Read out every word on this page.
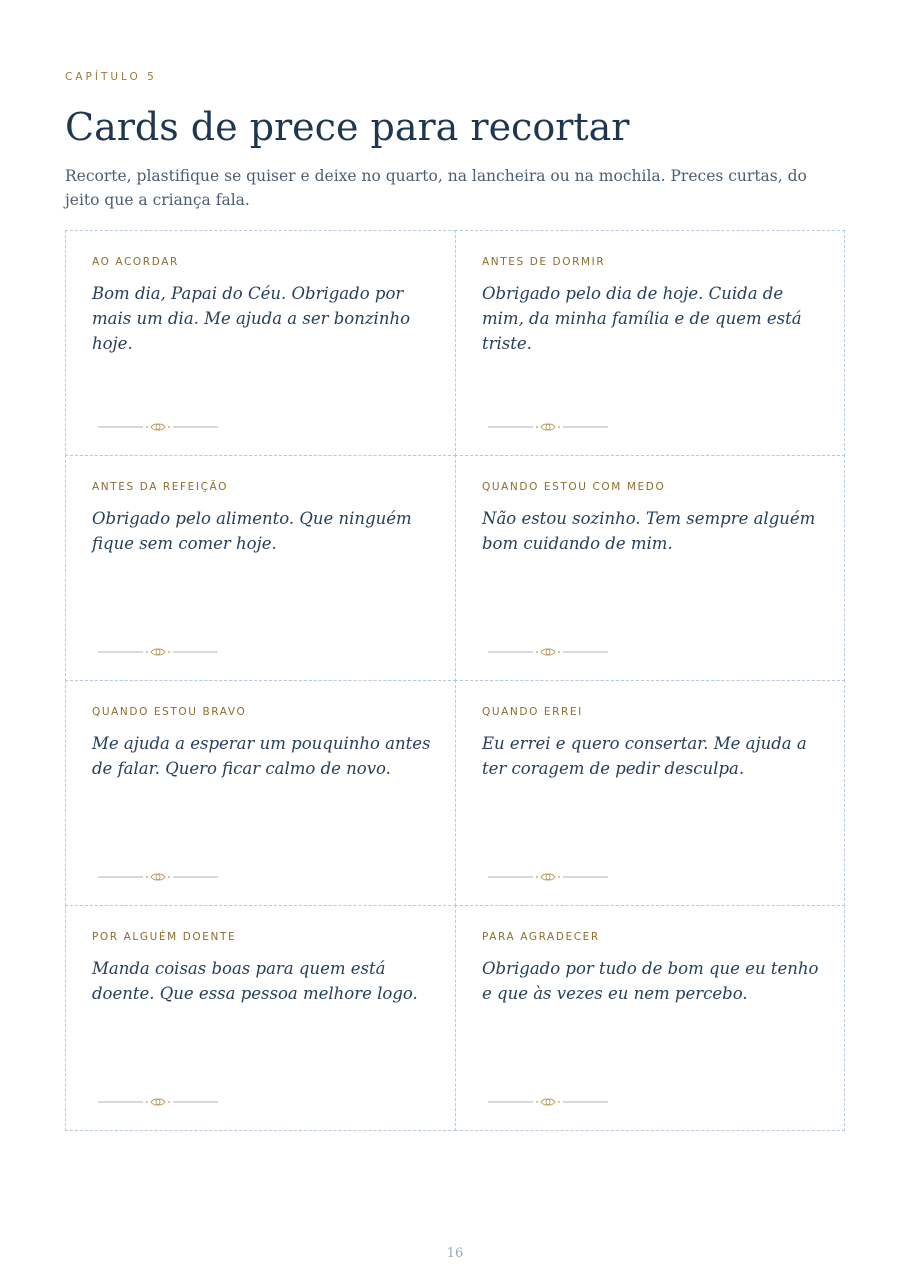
CAPÍTULO 5
Cards de prece para recortar

Recorte, plastifique se quiser e deixe no quarto, na lancheira ou na mochila. Preces curtas, do jeito que a criança fala.

AO ACORDAR

Bom dia, Papai do Céu. Obrigado por mais um dia. Me ajuda a ser bonzinho hoje.

ANTES DE DORMIR

Obrigado pelo dia de hoje. Cuida de mim, da minha família e de quem está triste.

ANTES DA REFEIÇÃO

Obrigado pelo alimento. Que ninguém fique sem comer hoje.

QUANDO ESTOU COM MEDO

Não estou sozinho. Tem sempre alguém bom cuidando de mim.

QUANDO ESTOU BRAVO

Me ajuda a esperar um pouquinho antes de falar. Quero ficar calmo de novo.

QUANDO ERREI

Eu errei e quero consertar. Me ajuda a ter coragem de pedir desculpa.

POR ALGUÉM DOENTE

Manda coisas boas para quem está doente. Que essa pessoa melhore logo.

PARA AGRADECER

Obrigado por tudo de bom que eu tenho e que às vezes eu nem percebo.

16
